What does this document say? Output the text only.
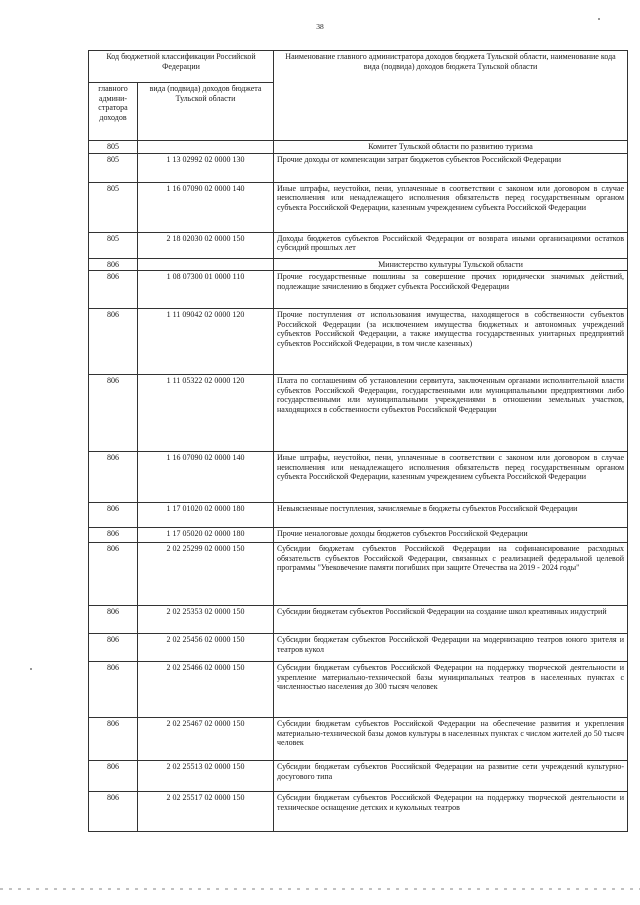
38
Код бюджетной классификации Российской Федерации		Наименование главного администратора доходов бюджета Тульской области, наименование кода вида (подвида) доходов бюджета Тульской области
главного админи-стратора доходов	вида (подвида) доходов бюджета Тульской области	
805		Комитет Тульской области по развитию туризма
805	1 13 02992 02 0000 130	Прочие доходы от компенсации затрат бюджетов субъектов Российской Федерации
805	1 16 07090 02 0000 140	Иные штрафы, неустойки, пени, уплаченные в соответствии с законом или договором в случае неисполнения или ненадлежащего исполнения обязательств перед государственным органом субъекта Российской Федерации, казенным учреждением субъекта Российской Федерации
805	2 18 02030 02 0000 150	Доходы бюджетов субъектов Российской Федерации от возврата иными организациями остатков субсидий прошлых лет
806		Министерство культуры Тульской области
806	1 08 07300 01 0000 110	Прочие государственные пошлины за совершение прочих юридически значимых действий, подлежащие зачислению в бюджет субъекта Российской Федерации
806	1 11 09042 02 0000 120	Прочие поступления от использования имущества, находящегося в собственности субъектов Российской Федерации (за исключением имущества бюджетных и автономных учреждений субъектов Российской Федерации, а также имущества государственных унитарных предприятий субъектов Российской Федерации, в том числе казенных)
806	1 11 05322 02 0000 120	Плата по соглашениям об установлении сервитута, заключенным органами исполнительной власти субъектов Российской Федерации, государственными или муниципальными предприятиями либо государственными или муниципальными учреждениями в отношении земельных участков, находящихся в собственности субъектов Российской Федерации
806	1 16 07090 02 0000 140	Иные штрафы, неустойки, пени, уплаченные в соответствии с законом или договором в случае неисполнения или ненадлежащего исполнения обязательств перед государственным органом субъекта Российской Федерации, казенным учреждением субъекта Российской Федерации
806	1 17 01020 02 0000 180	Невыясненные поступления, зачисляемые в бюджеты субъектов Российской Федерации
806	1 17 05020 02 0000 180	Прочие неналоговые доходы бюджетов субъектов Российской Федерации
806	2 02 25299 02 0000 150	Субсидии бюджетам субъектов Российской Федерации на софинансирование расходных обязательств субъектов Российской Федерации, связанных с реализацией федеральной целевой программы "Увековечение памяти погибших при защите Отечества на 2019 - 2024 годы"
806	2 02 25353 02 0000 150	Субсидии бюджетам субъектов Российской Федерации на создание школ креативных индустрий
806	2 02 25456 02 0000 150	Субсидии бюджетам субъектов Российской Федерации на модернизацию театров юного зрителя и театров кукол
806	2 02 25466 02 0000 150	Субсидии бюджетам субъектов Российской Федерации на поддержку творческой деятельности и укрепление материально-технической базы муниципальных театров в населенных пунктах с численностью населения до 300 тысяч человек
806	2 02 25467 02 0000 150	Субсидии бюджетам субъектов Российской Федерации на обеспечение развития и укрепления материально-технической базы домов культуры в населенных пунктах с числом жителей до 50 тысяч человек
806	2 02 25513 02 0000 150	Субсидии бюджетам субъектов Российской Федерации на развитие сети учреждений культурно-досугового типа
806	2 02 25517 02 0000 150	Субсидии бюджетам субъектов Российской Федерации на поддержку творческой деятельности и техническое оснащение детских и кукольных театров
